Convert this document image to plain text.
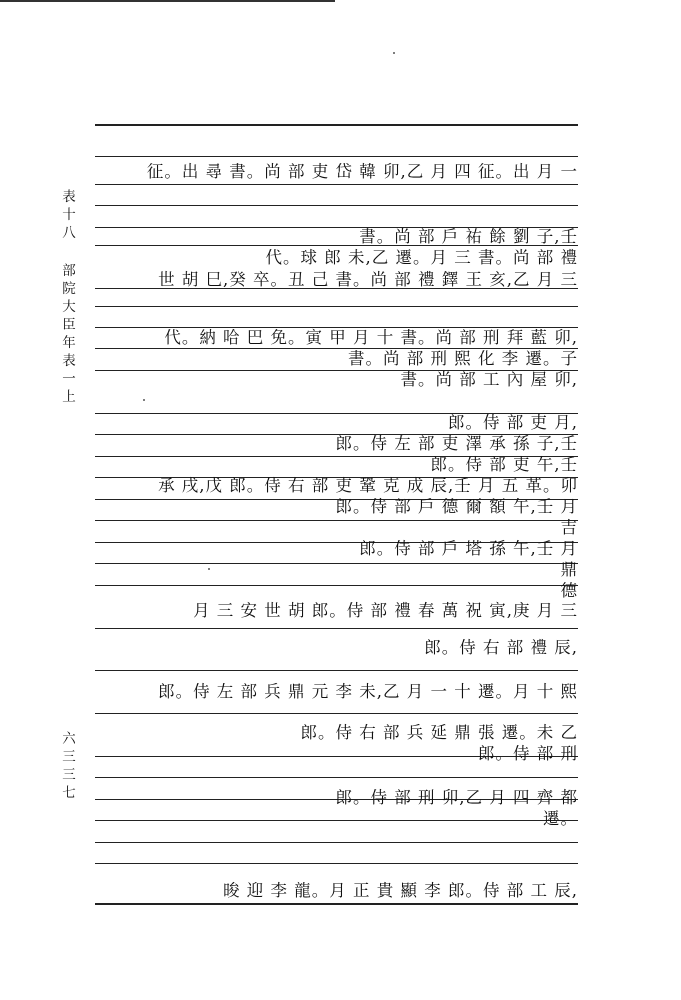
表
十
八
部
院
大
臣
年
表
一
上
六
三
三
七
征。出 尋 書。尚 部 吏 岱 韓 卯,乙 月 四 征。出 月 一
書。尚 部 戶 祐 餘 劉 子,壬
代。球 郎 未,乙 遷。月 三 書。尚 部 禮
世 胡 巳,癸 卒。丑 己 書。尚 部 禮 鐸 王 亥,乙 月 三
代。納 哈 巴 免。寅 甲 月 十 書。尚 部 刑 拜 藍 卯,
書。尚 部 刑 熙 化 李 遷。子
書。尚 部 工 內 屋 卯,
郎。侍 部 吏 月,
郎。侍 左 部 吏 澤 承 孫 子,壬
郎。侍 部 吏 午,壬
承 戌,戊 郎。侍 右 部 吏 鞏 克 成 辰,壬 月 五 革。卯
郎。侍 部 戶 德 爾 額 午,壬 月
吉
郎。侍 部 戶 塔 孫 午,壬 月
鼎
德
月 三 安 世 胡 郎。侍 部 禮 春 萬 祝 寅,庚 月 三
郎。侍 右 部 禮 辰,
郎。侍 左 部 兵 鼎 元 李 未,乙 月 一 十 遷。月 十 熙
郎。侍 右 部 兵 延 鼎 張 遷。未 乙
郎。侍 部 刑
郎。侍 部 刑 卯,乙 月 四 齊 都
遷。
晙 迎 李 龍。月 正 貴 顯 李 郎。侍 部 工 辰,
